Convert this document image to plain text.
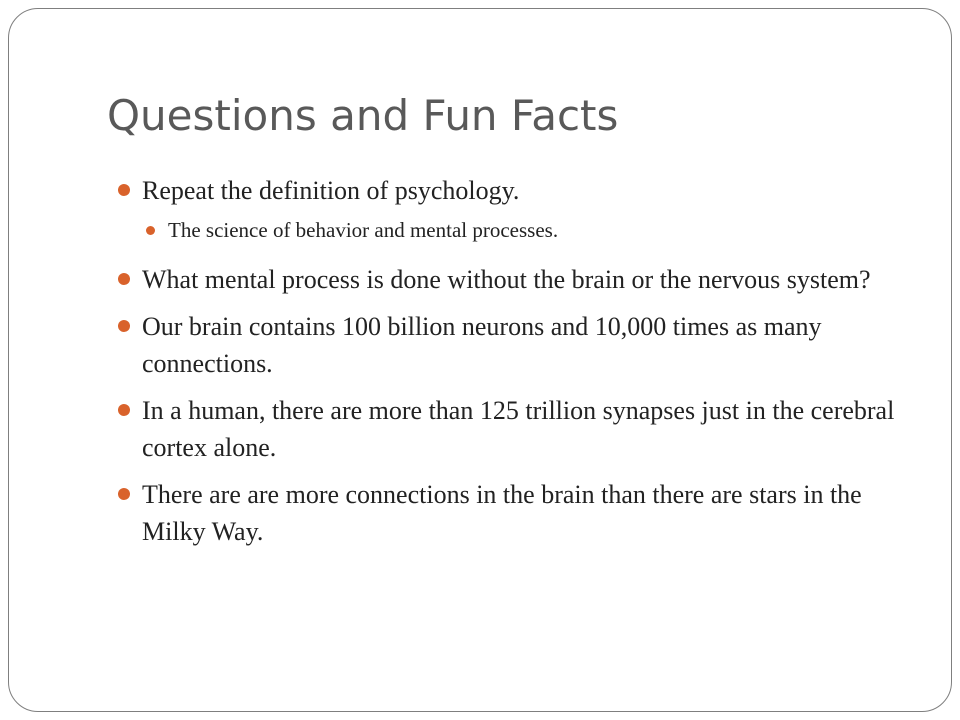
Questions and Fun Facts
Repeat the definition of psychology.
The science of behavior and mental processes.
What mental process is done without the brain or the nervous system?
Our brain contains 100 billion neurons and 10,000 times as many connections.
In a human, there are more than 125 trillion synapses just in the cerebral cortex alone.
There are are more connections in the brain than there are stars in the Milky Way.
